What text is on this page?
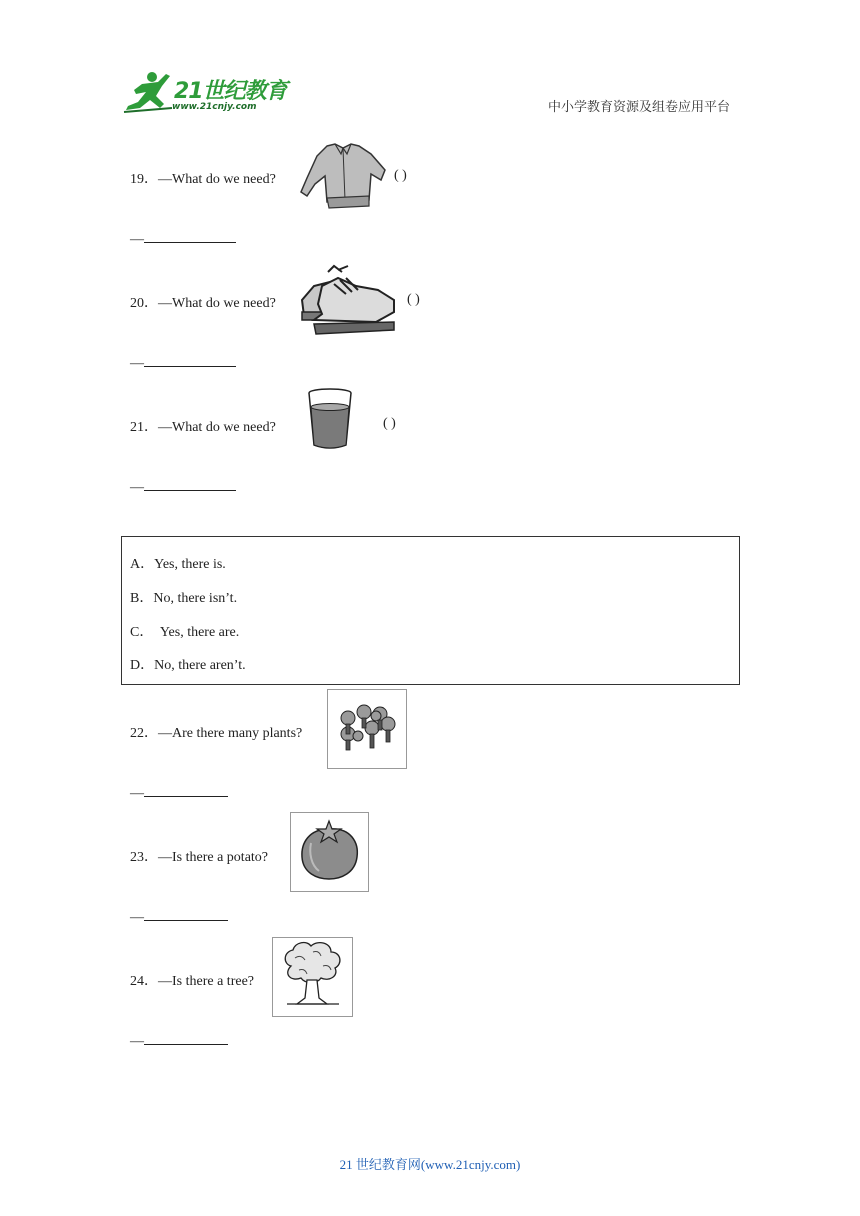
21世纪教育
www.21cnjy.com	中小学教育资源及组卷应用平台
19．—What do we need?	( )
—
20．—What do we need?	( )
—
21．—What do we need?	( )
—
A．Yes, there is.
B．No, there isn’t.
C．  Yes, there are.
D．No, there aren’t.
22．—Are there many plants?
—
23．—Is there a potato?
—
24．—Is there a tree?
—
21 世纪教育网(www.21cnjy.com)
